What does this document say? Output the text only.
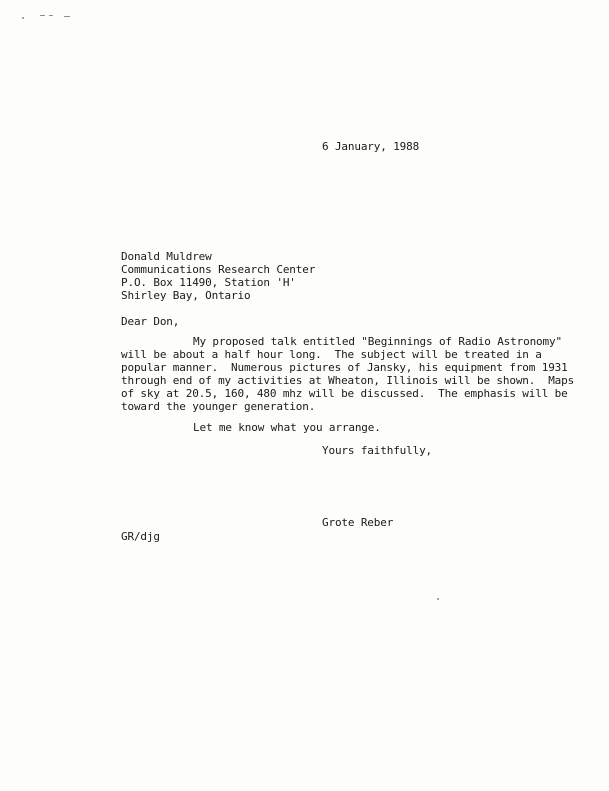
6 January, 1988
Donald Muldrew
Communications Research Center
P.O. Box 11490, Station 'H'
Shirley Bay, Ontario
Dear Don,
My proposed talk entitled "Beginnings of Radio Astronomy"
will be about a half hour long.  The subject will be treated in a
popular manner.  Numerous pictures of Jansky, his equipment from 1931
through end of my activities at Wheaton, Illinois will be shown.  Maps
of sky at 20.5, 160, 480 mhz will be discussed.  The emphasis will be
toward the younger generation.
Let me know what you arrange.
Yours faithfully,
Grote Reber
GR/djg
